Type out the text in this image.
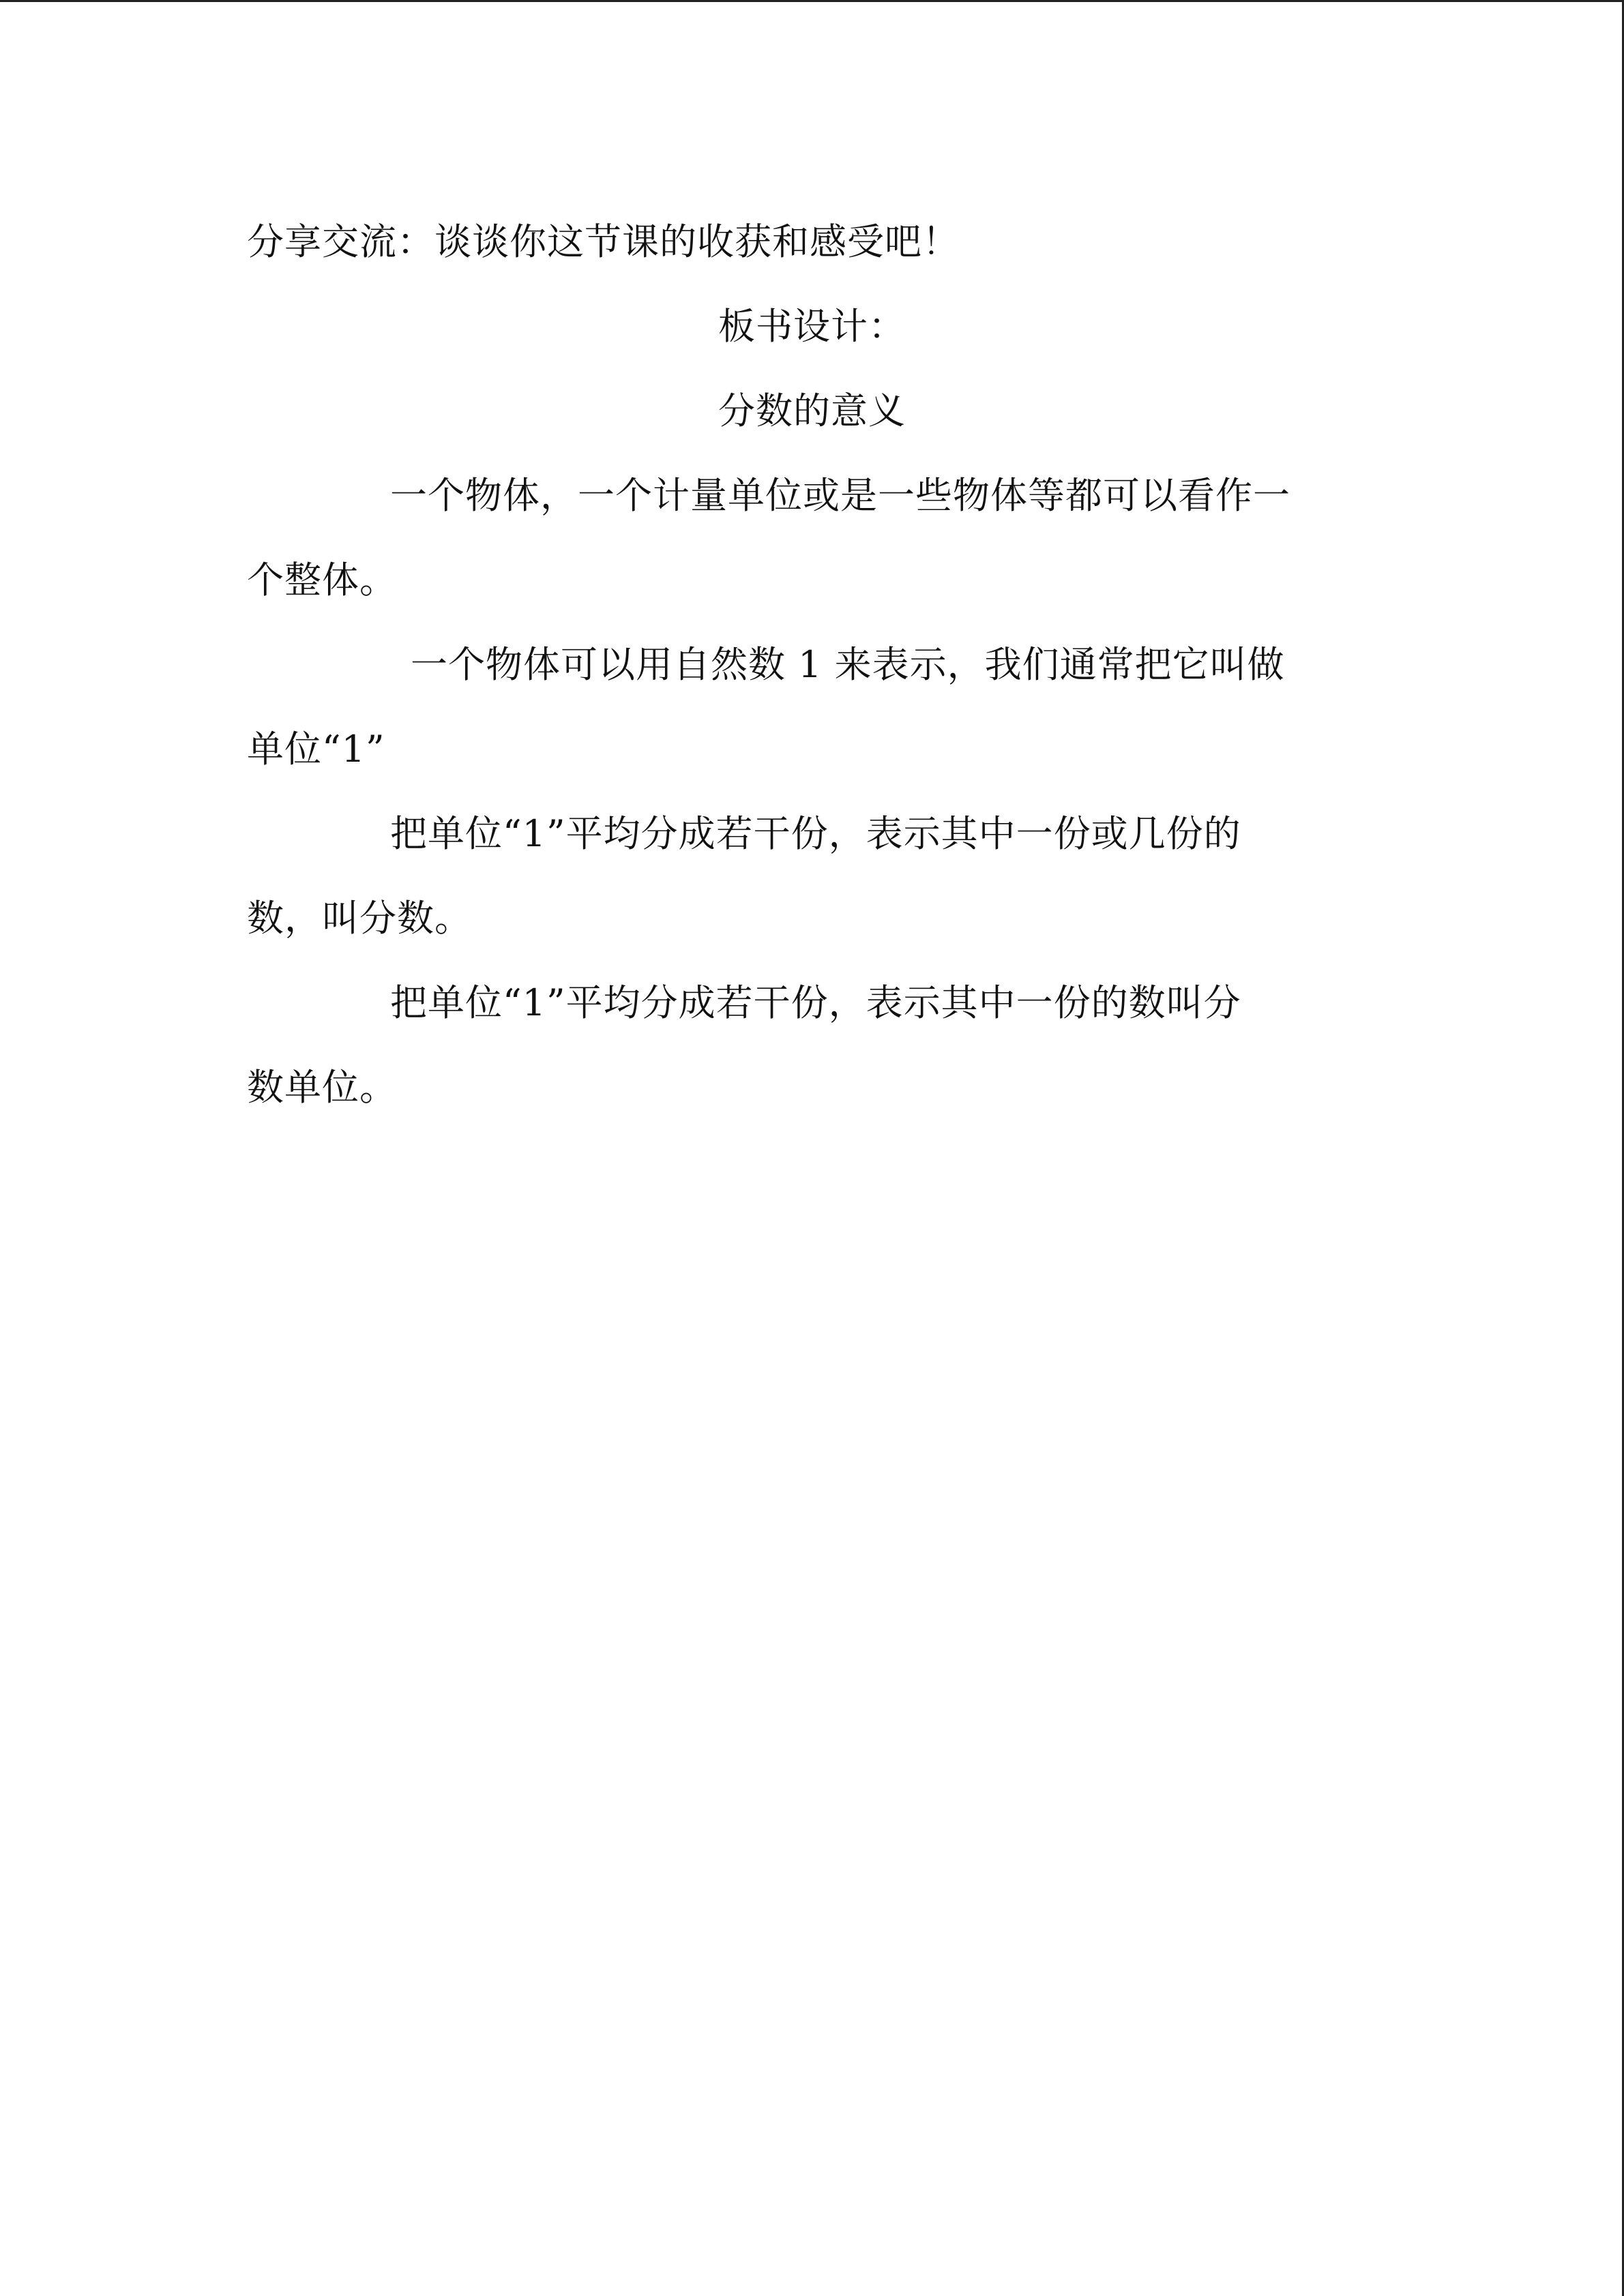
分享交流：谈谈你这节课的收获和感受吧！
板书设计：
分数的意义
一个物体，一个计量单位或是一些物体等都可以看作一
个整体。
一个物体可以用自然数 1 来表示，我们通常把它叫做
单位“1”
把单位“1”平均分成若干份，表示其中一份或几份的
数，叫分数。
把单位“1”平均分成若干份，表示其中一份的数叫分
数单位。
